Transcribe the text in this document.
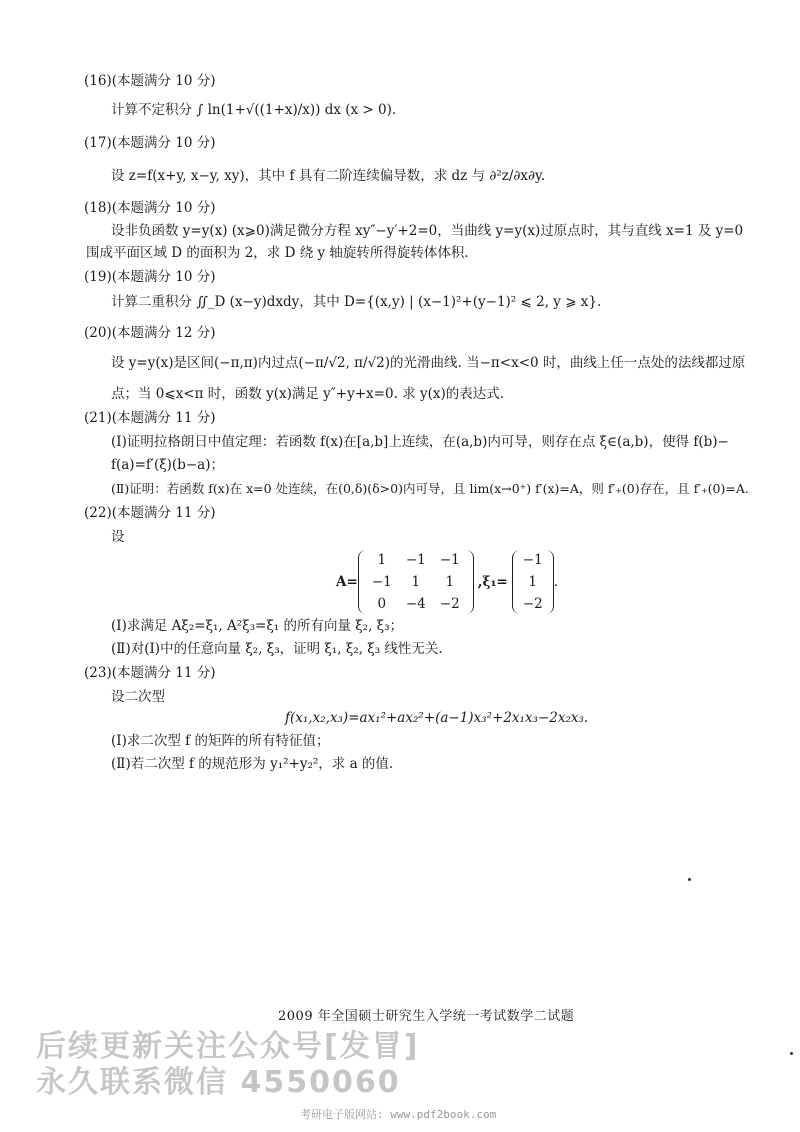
(16)(本题满分 10 分)
计算不定积分 ∫ ln(1+√((1+x)/x)) dx (x > 0).
(17)(本题满分 10 分)
设 z=f(x+y, x−y, xy)，其中 f 具有二阶连续偏导数，求 dz 与 ∂²z/∂x∂y.
(18)(本题满分 10 分)
设非负函数 y=y(x) (x⩾0)满足微分方程 xy″−y′+2=0，当曲线 y=y(x)过原点时，其与直线 x=1 及 y=0
围成平面区域 D 的面积为 2，求 D 绕 y 轴旋转所得旋转体体积.
(19)(本题满分 10 分)
计算二重积分 ∬_D (x−y)dxdy，其中 D={(x,y) | (x−1)²+(y−1)² ⩽ 2, y ⩾ x}.
(20)(本题满分 12 分)
设 y=y(x)是区间(−π,π)内过点(−π/√2, π/√2)的光滑曲线. 当−π<x<0 时，曲线上任一点处的法线都过原
点；当 0⩽x<π 时，函数 y(x)满足 y″+y+x=0. 求 y(x)的表达式.
(21)(本题满分 11 分)
(Ⅰ)证明拉格朗日中值定理：若函数 f(x)在[a,b]上连续，在(a,b)内可导，则存在点 ξ∈(a,b)，使得 f(b)−
f(a)=f′(ξ)(b−a)；
(Ⅱ)证明：若函数 f(x)在 x=0 处连续，在(0,δ)(δ>0)内可导，且 lim(x→0⁺) f′(x)=A，则 f′₊(0)存在，且 f′₊(0)=A.
(22)(本题满分 11 分)
设
A=
1	−1	−1
−1	1	1
0	−4	−2
,ξ₁=
−1
1
−2
.
(Ⅰ)求满足 Aξ₂=ξ₁, A²ξ₃=ξ₁ 的所有向量 ξ₂, ξ₃；
(Ⅱ)对(Ⅰ)中的任意向量 ξ₂, ξ₃，证明 ξ₁, ξ₂, ξ₃ 线性无关.
(23)(本题满分 11 分)
设二次型
f(x₁,x₂,x₃)=ax₁²+ax₂²+(a−1)x₃²+2x₁x₃−2x₂x₃.
(Ⅰ)求二次型 f 的矩阵的所有特征值；
(Ⅱ)若二次型 f 的规范形为 y₁²+y₂²，求 a 的值.
2009 年全国硕士研究生入学统一考试数学二试题
后续更新关注公众号[发冒]
永久联系微信 4550060
考研电子版网站: www.pdf2book.com
